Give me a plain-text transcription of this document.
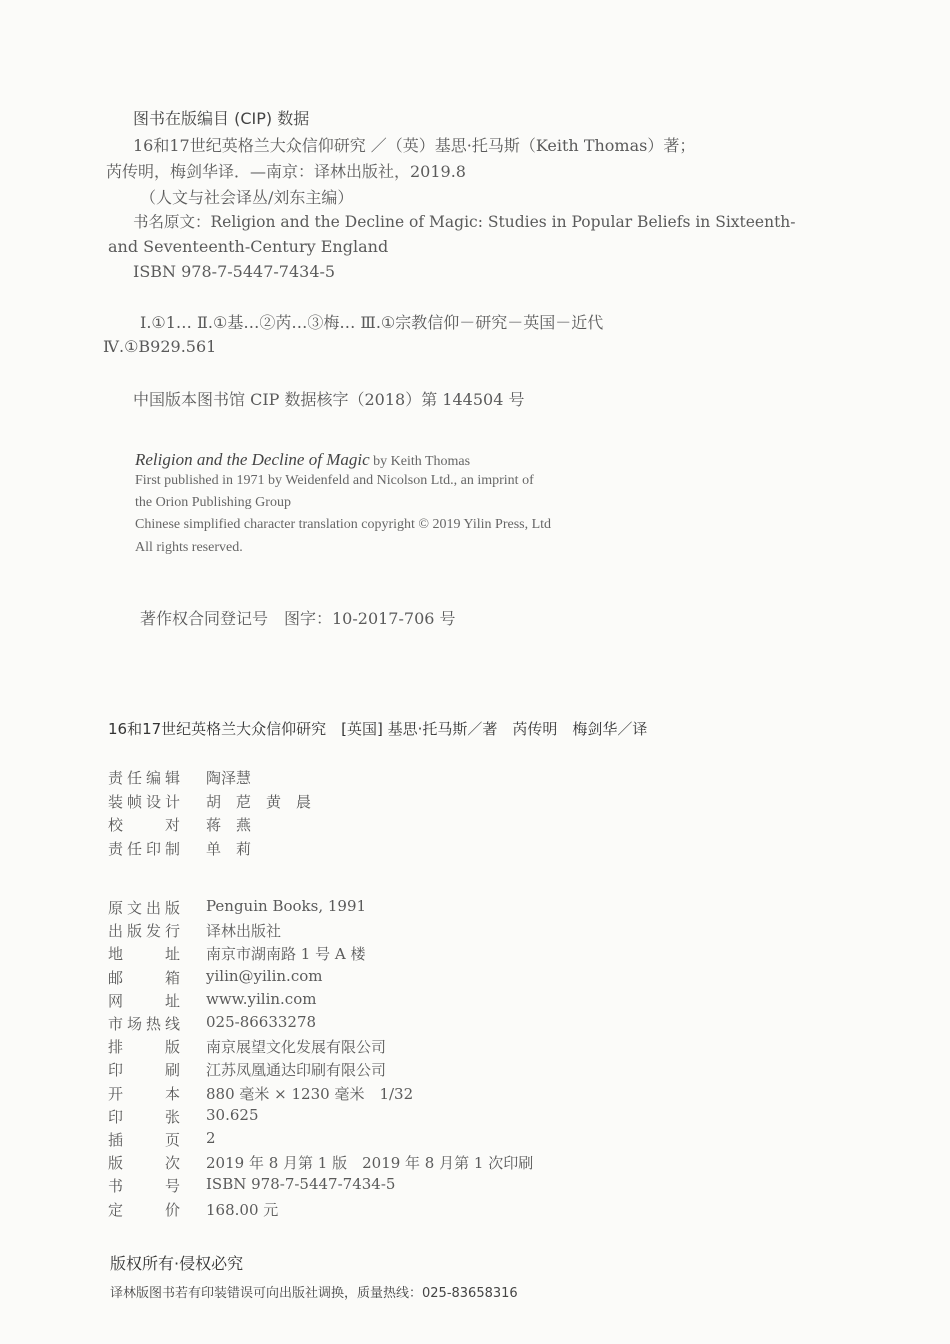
图书在版编目 (CIP) 数据
16和17世纪英格兰大众信仰研究 ／（英）基思·托马斯（Keith Thomas）著；
芮传明，梅剑华译．—南京：译林出版社，2019.8
（人文与社会译丛/刘东主编）
书名原文：Religion and the Decline of Magic: Studies in Popular Beliefs in Sixteenth-
and Seventeenth-Century England
ISBN 978-7-5447-7434-5
Ⅰ.①1… Ⅱ.①基…②芮…③梅… Ⅲ.①宗教信仰－研究－英国－近代
Ⅳ.①B929.561
中国版本图书馆 CIP 数据核字（2018）第 144504 号
Religion and the Decline of Magic by Keith Thomas
First published in 1971 by Weidenfeld and Nicolson Ltd., an imprint of
the Orion Publishing Group
Chinese simplified character translation copyright © 2019 Yilin Press, Ltd
All rights reserved.
著作权合同登记号　图字：10-2017-706 号
16和17世纪英格兰大众信仰研究　[英国] 基思·托马斯／著　芮传明　梅剑华／译
责 任 编 辑 陶泽慧
装 帧 设 计 胡　苨　黄　晨
校	对 蒋　燕
责 任 印 制 单　莉
原 文 出 版 Penguin Books, 1991
出 版 发 行 译林出版社
地	址 南京市湖南路 1 号 A 楼
邮	箱 yilin@yilin.com
网	址 www.yilin.com
市 场 热 线 025-86633278
排	版 南京展望文化发展有限公司
印	刷 江苏凤凰通达印刷有限公司
开	本 880 毫米 × 1230 毫米　1/32
印	张 30.625
插	页 2
版	次 2019 年 8 月第 1 版　2019 年 8 月第 1 次印刷
书	号 ISBN 978-7-5447-7434-5
定	价 168.00 元
版权所有·侵权必究
译林版图书若有印装错误可向出版社调换，质量热线：025-83658316
